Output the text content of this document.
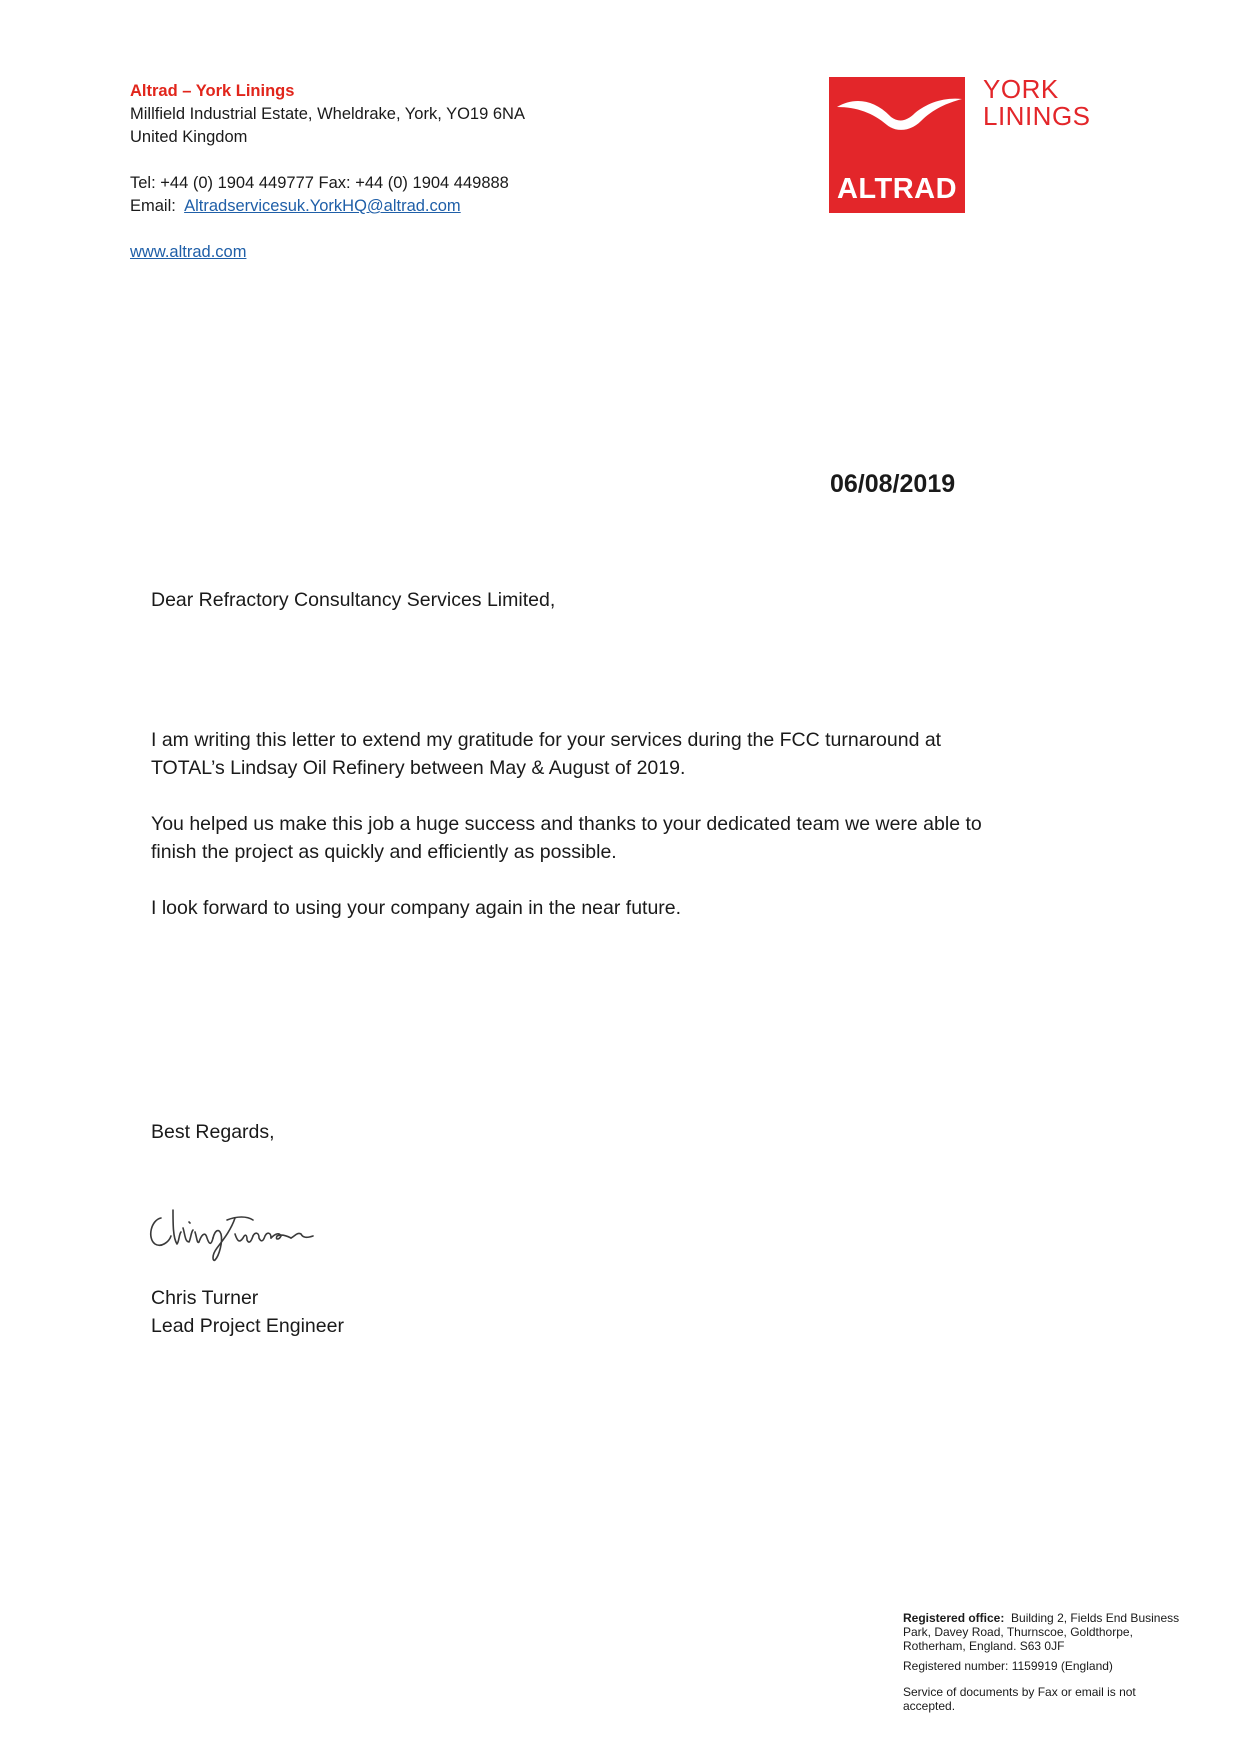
Altrad – York Linings
Millfield Industrial Estate, Wheldrake, York, YO19 6NA
United Kingdom
Tel: +44 (0) 1904 449777 Fax: +44 (0) 1904 449888
Email: Altradservicesuk.YorkHQ@altrad.com
www.altrad.com
ALTRAD
YORK
LININGS
06/08/2019
Dear Refractory Consultancy Services Limited,
I am writing this letter to extend my gratitude for your services during the FCC turnaround at
TOTAL’s Lindsay Oil Refinery between May & August of 2019.
You helped us make this job a huge success and thanks to your dedicated team we were able to
finish the project as quickly and efficiently as possible.
I look forward to using your company again in the near future.
Best Regards,
Chris Turner
Lead Project Engineer
Registered office: Building 2, Fields End Business
Park, Davey Road, Thurnscoe, Goldthorpe,
Rotherham, England. S63 0JF
Registered number: 1159919 (England)
Service of documents by Fax or email is not
accepted.
